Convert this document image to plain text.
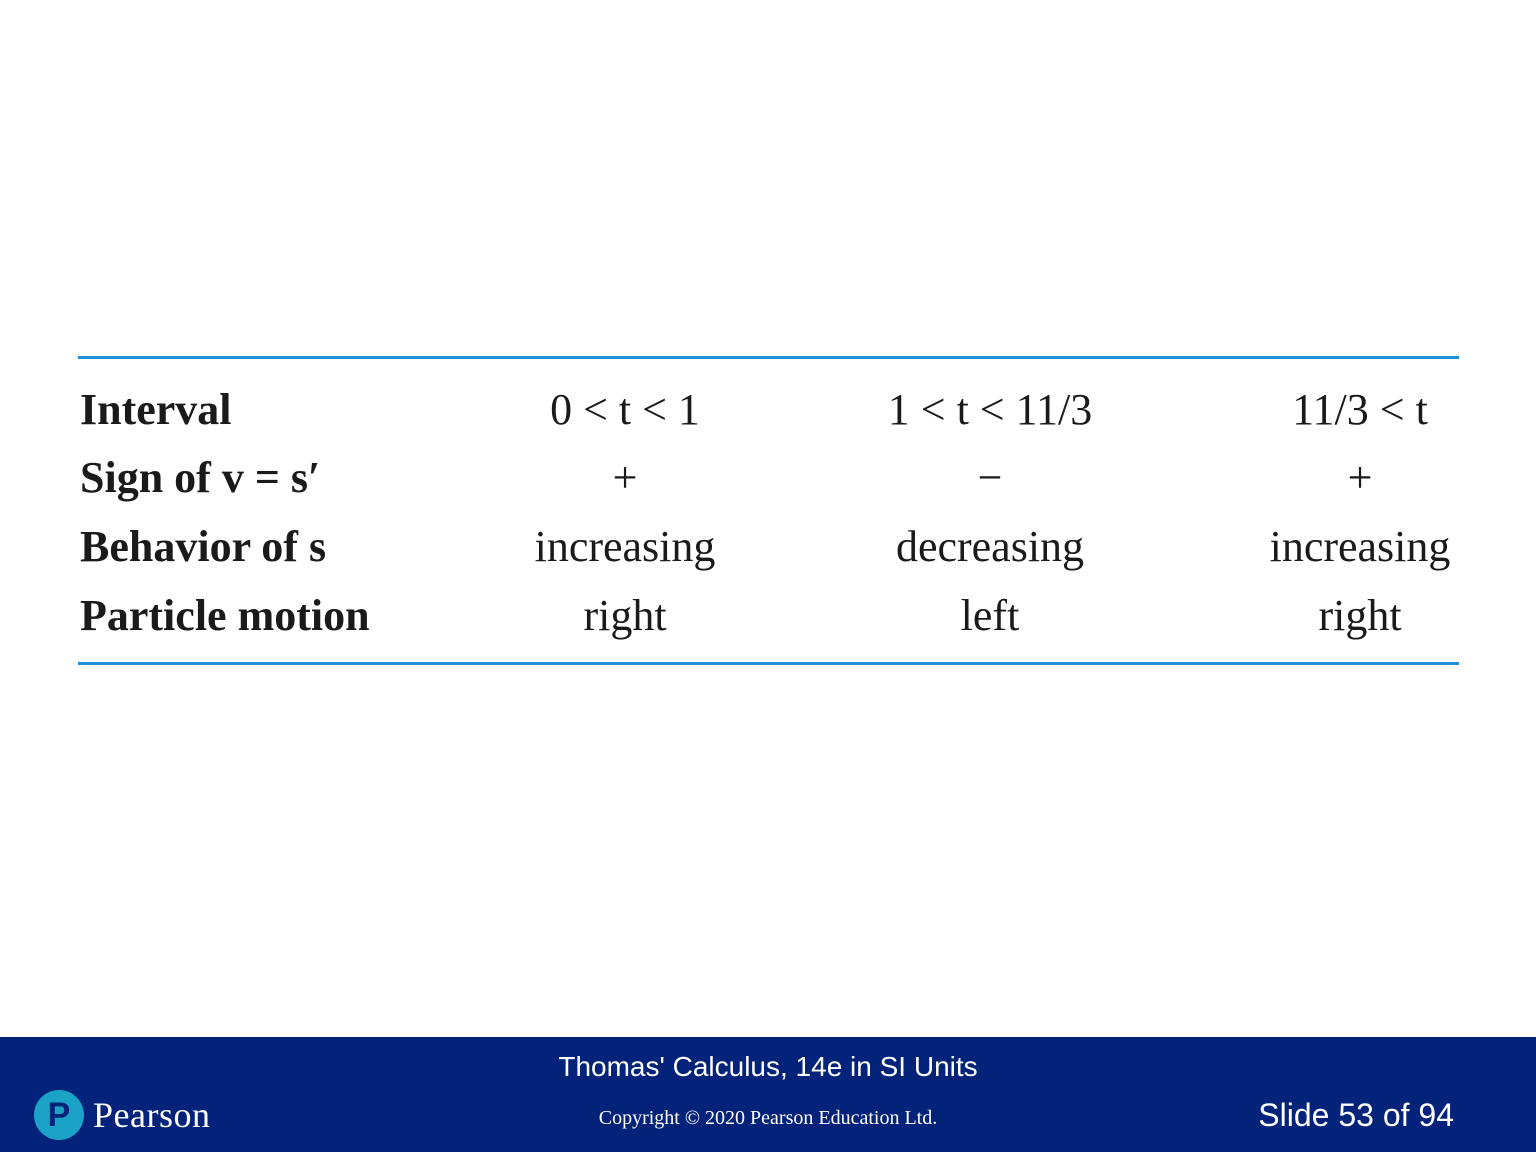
Interval	0 < t < 1	1 < t < 11/3	11/3 < t
Sign of v = s′	+	−	+
Behavior of s	increasing	decreasing	increasing
Particle motion	right	left	right
P Pearson
Thomas' Calculus, 14e in SI Units
Copyright © 2020 Pearson Education Ltd.	Slide 53 of 94
